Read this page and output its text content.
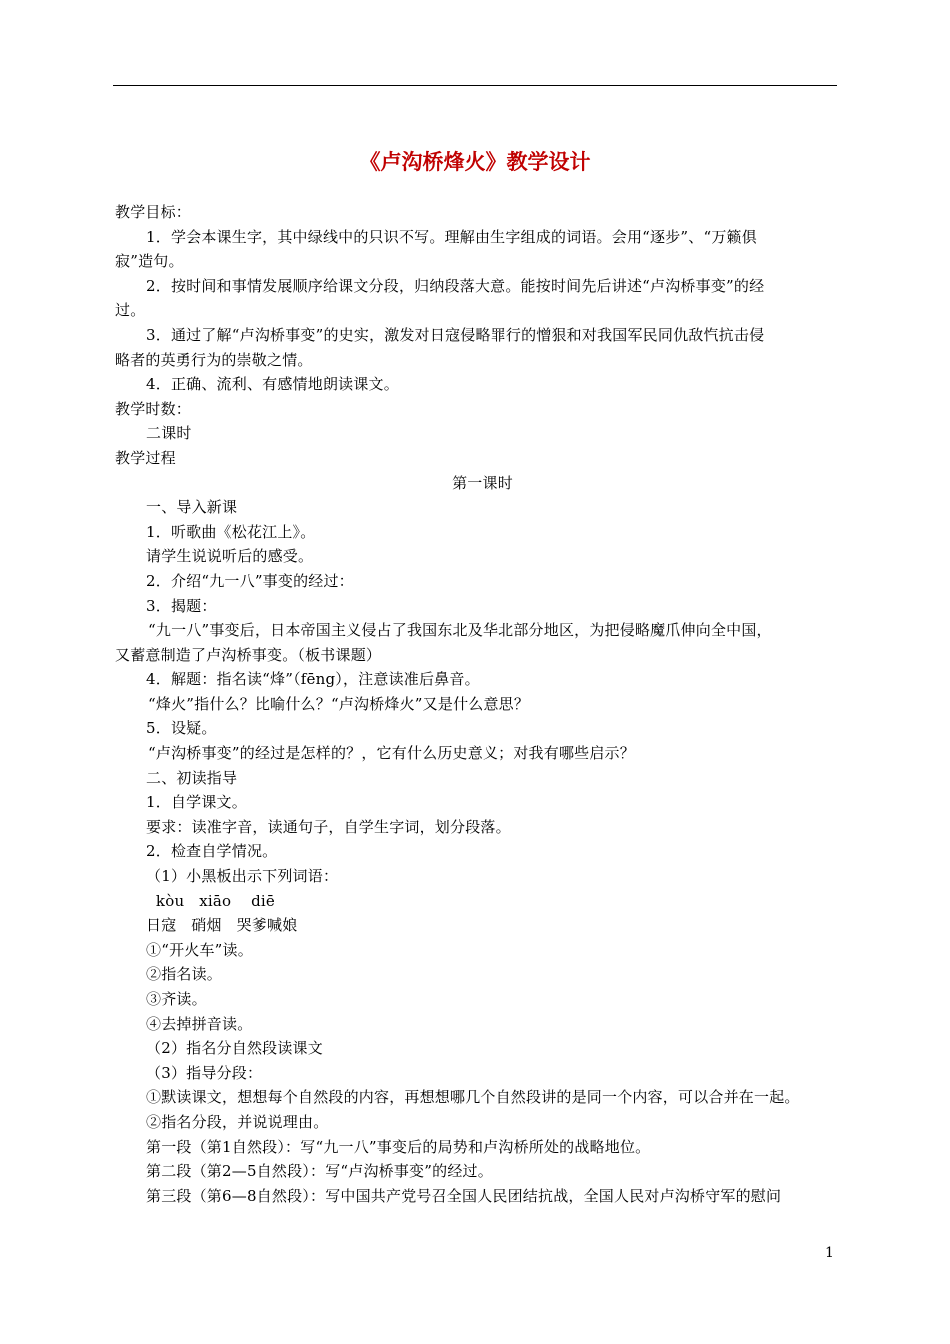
《卢沟桥烽火》教学设计

教学目标：

1．学会本课生字，其中绿线中的只识不写。理解由生字组成的词语。会用“逐步”、“万籁俱

寂”造句。

2．按时间和事情发展顺序给课文分段，归纳段落大意。能按时间先后讲述“卢沟桥事变”的经

过。

3．通过了解“卢沟桥事变”的史实，激发对日寇侵略罪行的憎狠和对我国军民同仇敌忾抗击侵

略者的英勇行为的崇敬之情。

4．正确、流利、有感情地朗读课文。

教学时数：

二课时

教学过程

第一课时

一、导入新课

1．听歌曲《松花江上》。

请学生说说听后的感受。

2．介绍“九一八”事变的经过：

3．揭题：

“九一八”事变后，日本帝国主义侵占了我国东北及华北部分地区，为把侵略魔爪伸向全中国，

又蓄意制造了卢沟桥事变。（板书课题）

4．解题：指名读“烽”（fēng），注意读准后鼻音。

“烽火”指什么？比喻什么？“卢沟桥烽火”又是什么意思？

5．设疑。

“卢沟桥事变”的经过是怎样的？，它有什么历史意义；对我有哪些启示？

二、初读指导

1．自学课文。

要求：读准字音，读通句子，自学生字词，划分段落。

2．检查自学情况。

（1）小黑板出示下列词语：

kòu   xiāo    diē

日寇   硝烟   哭爹喊娘

①“开火车”读。

②指名读。

③齐读。

④去掉拼音读。

（2）指名分自然段读课文

（3）指导分段：

①默读课文，想想每个自然段的内容，再想想哪几个自然段讲的是同一个内容，可以合并在一起。

②指名分段，并说说理由。

第一段（第1自然段）：写“九一八”事变后的局势和卢沟桥所处的战略地位。

第二段（第2—5自然段）：写“卢沟桥事变”的经过。

第三段（第6—8自然段）：写中国共产党号召全国人民团结抗战，全国人民对卢沟桥守军的慰问

1
